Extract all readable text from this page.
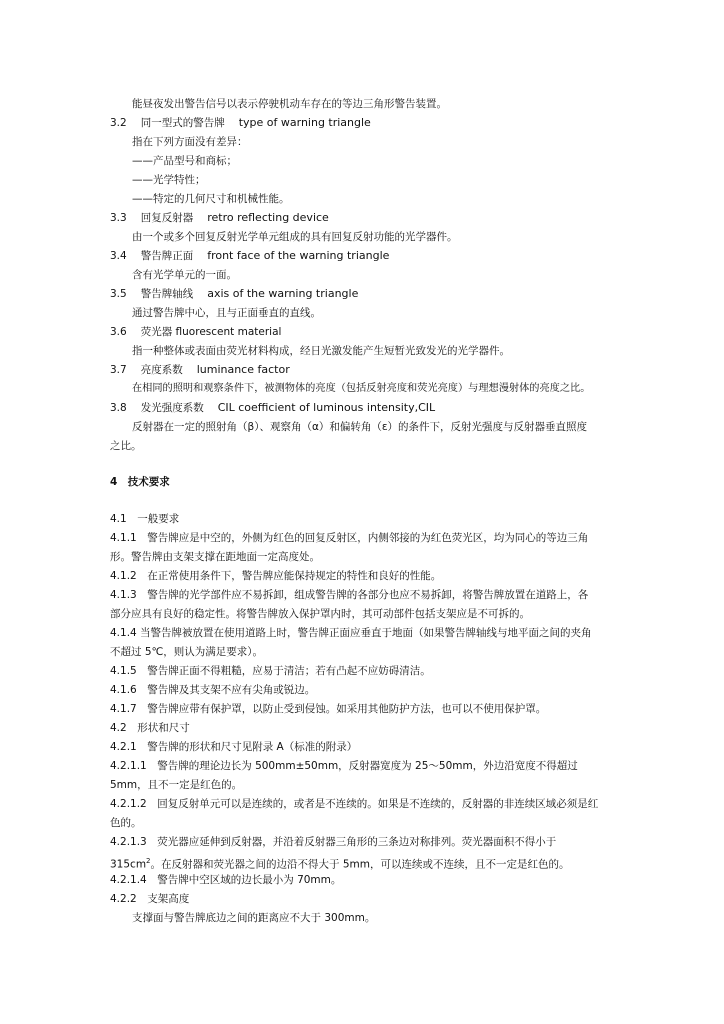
能昼夜发出警告信号以表示停驶机动车存在的等边三角形警告装置。
3.2 同一型式的警告牌 type of warning triangle
指在下列方面没有差异：
——产品型号和商标；
——光学特性；
——特定的几何尺寸和机械性能。
3.3 回复反射器 retro reflecting device
由一个或多个回复反射光学单元组成的具有回复反射功能的光学器件。
3.4 警告牌正面 front face of the warning triangle
含有光学单元的一面。
3.5 警告牌轴线 axis of the warning triangle
通过警告牌中心，且与正面垂直的直线。
3.6 荧光器 fluorescent material
指一种整体或表面由荧光材料构成，经日光激发能产生短暂光致发光的光学器件。
3.7 亮度系数 luminance factor
在相同的照明和观察条件下，被测物体的亮度（包括反射亮度和荧光亮度）与理想漫射体的亮度之比。
3.8 发光强度系数 CIL coefficient of luminous intensity,CIL
反射器在一定的照射角（β）、观察角（α）和偏转角（ε）的条件下，反射光强度与反射器垂直照度
之比。
4　技术要求
4.1　一般要求
4.1.1　警告牌应是中空的，外侧为红色的回复反射区，内侧邻接的为红色荧光区，均为同心的等边三角
形。警告牌由支架支撑在距地面一定高度处。
4.1.2　在正常使用条件下，警告牌应能保持规定的特性和良好的性能。
4.1.3　警告牌的光学部件应不易拆卸，组成警告牌的各部分也应不易拆卸，将警告牌放置在道路上，各
部分应具有良好的稳定性。将警告牌放入保护罩内时，其可动部件包括支架应是不可拆的。
4.1.4 当警告牌被放置在使用道路上时，警告牌正面应垂直于地面（如果警告牌轴线与地平面之间的夹角
不超过 5℃，则认为满足要求）。
4.1.5　警告牌正面不得粗糙，应易于清洁；若有凸起不应妨碍清洁。
4.1.6　警告牌及其支架不应有尖角或锐边。
4.1.7　警告牌应带有保护罩，以防止受到侵蚀。如采用其他防护方法，也可以不使用保护罩。
4.2　形状和尺寸
4.2.1　警告牌的形状和尺寸见附录 A（标准的附录）
4.2.1.1　警告牌的理论边长为 500mm±50mm，反射器宽度为 25～50mm，外边沿宽度不得超过
5mm，且不一定是红色的。
4.2.1.2　回复反射单元可以是连续的，或者是不连续的。如果是不连续的，反射器的非连续区域必须是红
色的。
4.2.1.3　荧光器应延伸到反射器，并沿着反射器三角形的三条边对称排列。荧光器面积不得小于
$315cm^2$。在反射器和荧光器之间的边沿不得大于 5mm，可以连续或不连续，且不一定是红色的。
4.2.1.4　警告牌中空区域的边长最小为 70mm。
4.2.2　支架高度
支撑面与警告牌底边之间的距离应不大于 300mm。
